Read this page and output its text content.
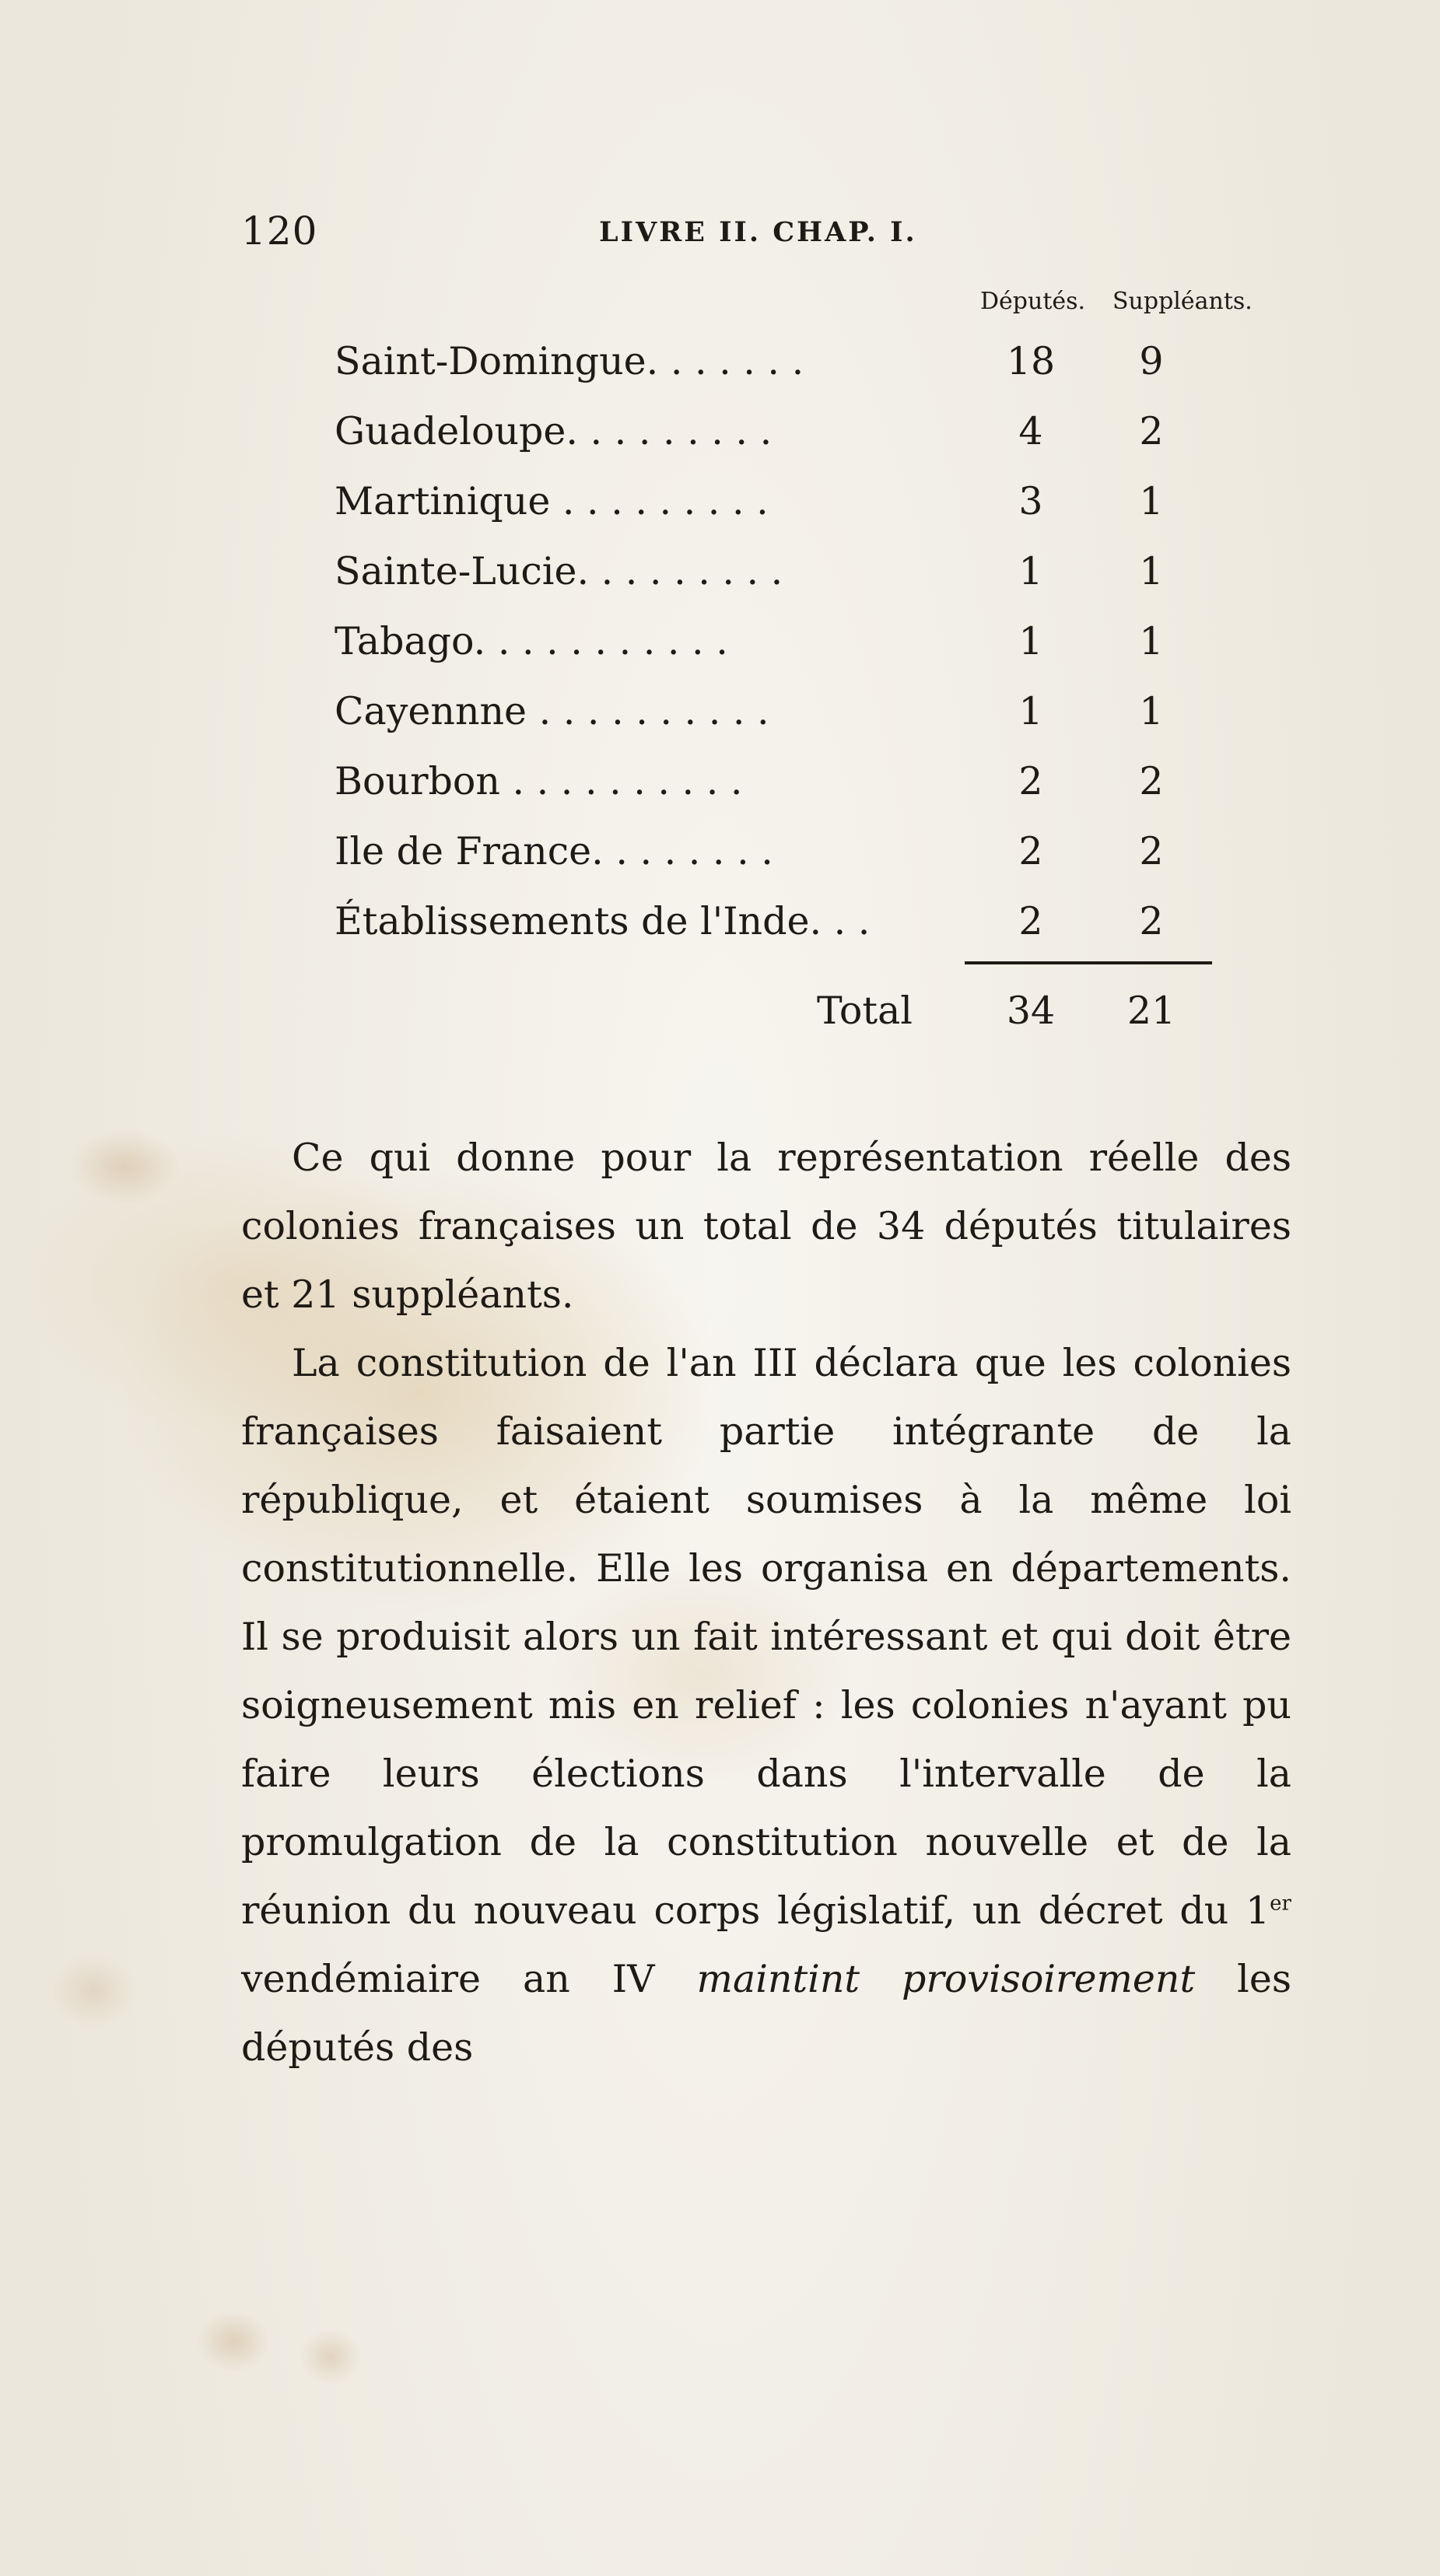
120	LIVRE II. CHAP. I.
Députés. Suppléants.
Saint-Domingue. . . . . . .	18	9
Guadeloupe. . . . . . . . .	4	2
Martinique . . . . . . . . .	3	1
Sainte-Lucie. . . . . . . . .	1	1
Tabago. . . . . . . . . . .	1	1
Cayennne . . . . . . . . . .	1	1
Bourbon . . . . . . . . . .	2	2
Ile de France. . . . . . . .	2	2
Établissements de l'Inde. . .	2	2
Total	34	21

Ce qui donne pour la représentation réelle des colonies françaises un total de 34 députés titulaires et 21 suppléants.

La constitution de l'an III déclara que les colonies françaises faisaient partie intégrante de la république, et étaient soumises à la même loi constitutionnelle. Elle les organisa en départements. Il se produisit alors un fait intéressant et qui doit être soigneusement mis en relief : les colonies n'ayant pu faire leurs élections dans l'intervalle de la promulgation de la constitution nouvelle et de la réunion du nouveau corps législatif, un décret du 1er vendémiaire an IV maintint provisoirement les députés des
